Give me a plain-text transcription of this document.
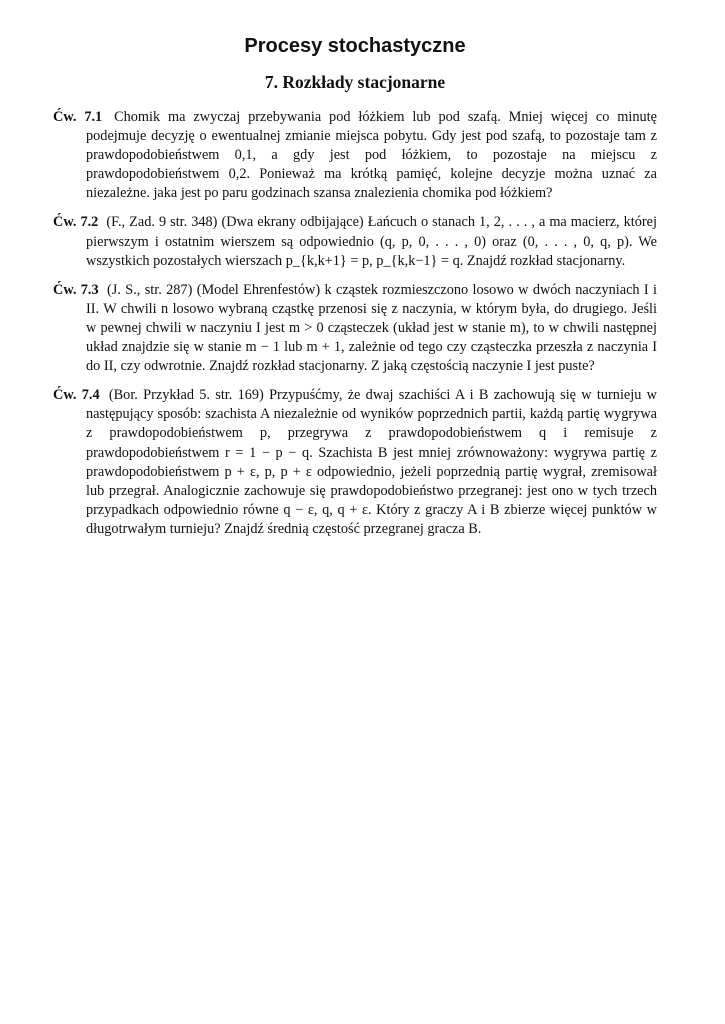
Procesy stochastyczne
7. Rozkłady stacjonarne
Ćw. 7.1 Chomik ma zwyczaj przebywania pod łóżkiem lub pod szafą. Mniej więcej co minutę podejmuje decyzję o ewentualnej zmianie miejsca pobytu. Gdy jest pod szafą, to pozostaje tam z prawdopodobieństwem 0,1, a gdy jest pod łóżkiem, to pozostaje na miejscu z prawdopodobieństwem 0,2. Ponieważ ma krótką pamięć, kolejne decyzje można uznać za niezależne. jaka jest po paru godzinach szansa znalezienia chomika pod łóżkiem?
Ćw. 7.2 (F., Zad. 9 str. 348) (Dwa ekrany odbijające) Łańcuch o stanach 1, 2, . . . , a ma macierz, której pierwszym i ostatnim wierszem są odpowiednio (q, p, 0, . . . , 0) oraz (0, . . . , 0, q, p). We wszystkich pozostałych wierszach p_{k,k+1} = p, p_{k,k−1} = q. Znajdź rozkład stacjonarny.
Ćw. 7.3 (J. S., str. 287) (Model Ehrenfestów) k cząstek rozmieszczono losowo w dwóch naczyniach I i II. W chwili n losowo wybraną cząstkę przenosi się z naczynia, w którym była, do drugiego. Jeśli w pewnej chwili w naczyniu I jest m > 0 cząsteczek (układ jest w stanie m), to w chwili następnej układ znajdzie się w stanie m − 1 lub m + 1, zależnie od tego czy cząsteczka przeszła z naczynia I do II, czy odwrotnie. Znajdź rozkład stacjonarny. Z jaką częstością naczynie I jest puste?
Ćw. 7.4 (Bor. Przykład 5. str. 169) Przypuśćmy, że dwaj szachiści A i B zachowują się w turnieju w następujący sposób: szachista A niezależnie od wyników poprzednich partii, każdą partię wygrywa z prawdopodobieństwem p, przegrywa z prawdopodobieństwem q i remisuje z prawdopodobieństwem r = 1 − p − q. Szachista B jest mniej zrównoważony: wygrywa partię z prawdopodobieństwem p + ε, p, p + ε odpowiednio, jeżeli poprzednią partię wygrał, zremisował lub przegrał. Analogicznie zachowuje się prawdopodobieństwo przegranej: jest ono w tych trzech przypadkach odpowiednio równe q − ε, q, q + ε. Który z graczy A i B zbierze więcej punktów w długotrwałym turnieju? Znajdź średnią częstość przegranej gracza B.
